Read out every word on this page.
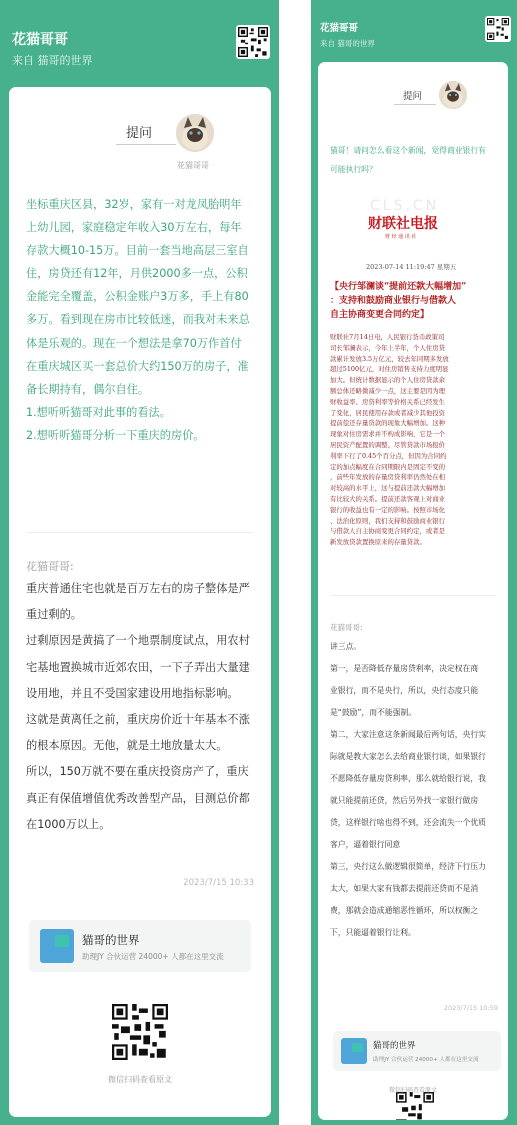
花猫哥哥
来自 猫哥的世界
提问
花猫哥哥
坐标重庆区县，32岁，家有一对龙凤胎明年
上幼儿园，家庭稳定年收入30万左右，每年
存款大概10-15万。目前一套当地高层三室自
住，房贷还有12年，月供2000多一点，公积
金能完全覆盖，公积金账户3万多，手上有80
多万。看到现在房市比较低迷，而我对未来总
体是乐观的。现在一个想法是拿70万作首付
在重庆城区买一套总价大约150万的房子，准
备长期持有，偶尔自住。
1.想听听猫哥对此事的看法。
2.想听听猫哥分析一下重庆的房价。
花猫哥哥:

重庆普通住宅也就是百万左右的房子整体是严

重过剩的。

过剩原因是黄搞了一个地票制度试点，用农村

宅基地置换城市近郊农田，一下子弄出大量建

设用地，并且不受国家建设用地指标影响。

这就是黄离任之前，重庆房价近十年基本不涨

的根本原因。无他，就是土地放量太大。

所以，150万就不要在重庆投资房产了，重庆

真正有保值增值优秀改善型产品，目测总价都

在1000万以上。

2023/7/15 10:33
猫哥的世界
助理JY 合伙运营 24000+ 人都在这里交流
微信扫码查看原文
花猫哥哥
来自 猫哥的世界
提问
猫哥！请问怎么看这个新闻，觉得商业银行有
可能执行吗？
CLS.CN
财联社电报
财 经 通 讯 社
2023-07-14 11:19:47 星期五
【央行邹澜谈“提前还款大幅增加”
：支持和鼓励商业银行与借款人
自主协商变更合同约定】
财联社7月14日电，人民银行货币政策司
司长邹澜表示，今年上半年，个人住房贷
款累计发放3.5万亿元，较去年同期多发放
超过5100亿元，对住房销售支持力度明显
加大。但统计数据显示的个人住房贷款余
额总体还略微减少一点，这主要是因为理
财收益率、房贷利率等价格关系已经发生
了变化，居民使用存款或者减少其他投资
提前偿还存量贷款的现象大幅增加。这种
现象对住房需求并不构成影响，它是一个
居民资产配置的调整。尽管贷款市场报价
利率下行了0.45个百分点，但因为合同约
定的加点幅度在合同期限内是固定不变的
，前些年发放的存量房贷利率仍然处在相
对较高的水平上，这与提前还款大幅增加
有比较大的关系。提前还款客观上对商业
银行的收益也有一定的影响。按照市场化
、法治化原则，我们支持和鼓励商业银行
与借款人自主协商变更合同约定，或者是
新发放贷款置换原来的存量贷款。
花猫哥哥:

讲三点。

第一，是否降低存量房贷利率，决定权在商

业银行，而不是央行，所以，央行态度只能

是“鼓励”，而不能强制。

第二，大家注意这条新闻最后两句话，央行实

际就是教大家怎么去给商业银行谈，如果银行

不愿降低存量房贷利率，那么就给银行说，我

就只能提前还贷，然后另外找一家银行做房

贷，这样银行啥也得不到，还会流失一个优质

客户，逼着银行同意

第三，央行这么做逻辑很简单，经济下行压力

太大，如果大家有钱都去提前还贷而不是消

费，那就会造成通缩恶性循环，所以权衡之

下，只能逼着银行让利。

2023/7/15 10:59
猫哥的世界
助理JY 合伙运营 24000+ 人都在这里交流
微信扫码查看原文
